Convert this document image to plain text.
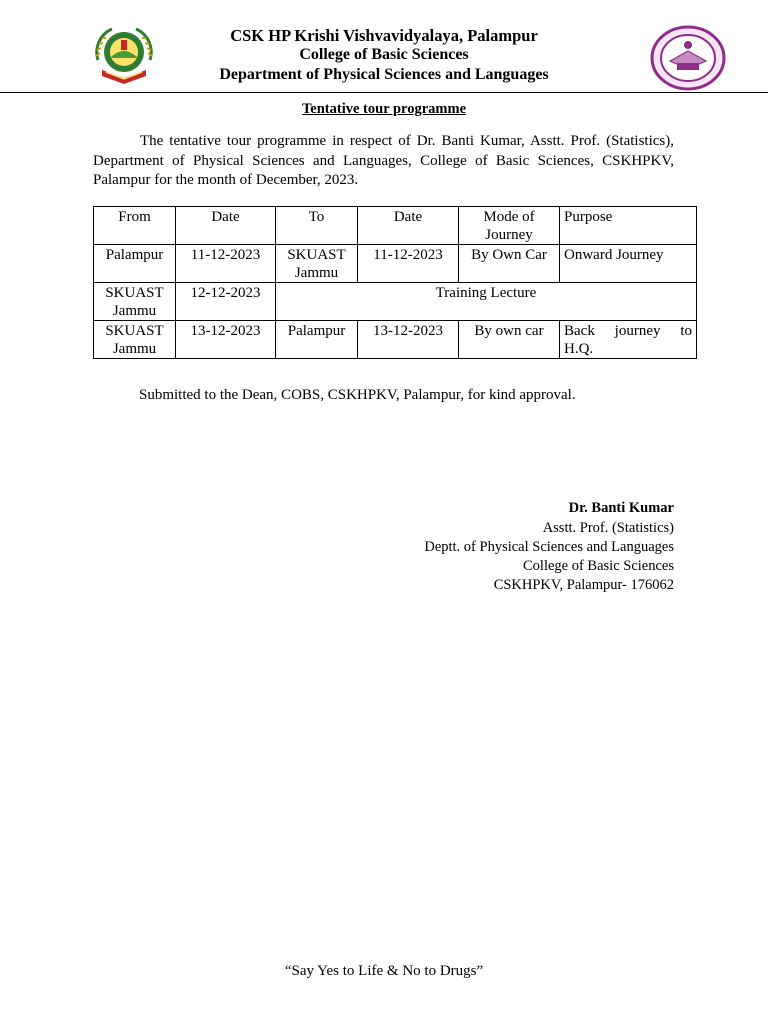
CSK HP Krishi Vishvavidyalaya, Palampur
College of Basic Sciences
Department of Physical Sciences and Languages
Tentative tour programme
The tentative tour programme in respect of Dr. Banti Kumar, Asstt. Prof. (Statistics), Department of Physical Sciences and Languages, College of Basic Sciences, CSKHPKV, Palampur for the month of December, 2023.
From	Date	To	Date	Mode of Journey	Purpose
Palampur	11-12-2023	SKUAST Jammu	11-12-2023	By Own Car	Onward Journey
SKUAST Jammu	12-12-2023	Training Lecture			
SKUAST Jammu	13-12-2023	Palampur	13-12-2023	By own car	Back journey to H.Q.
Submitted to the Dean, COBS, CSKHPKV, Palampur, for kind approval.
Dr. Banti Kumar
Asstt. Prof. (Statistics)
Deptt. of Physical Sciences and Languages
College of Basic Sciences
CSKHPKV, Palampur- 176062
“Say Yes to Life & No to Drugs”
